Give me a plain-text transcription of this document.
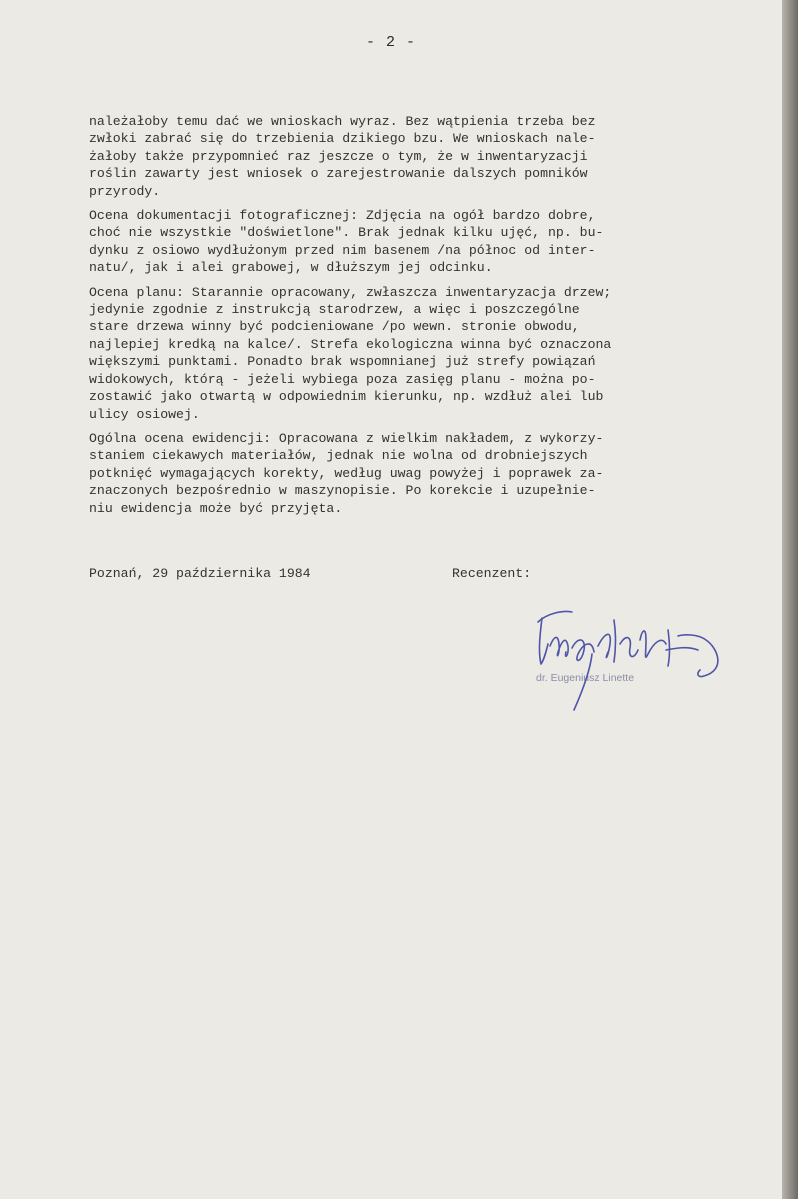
- 2 -

należałoby temu dać we wnioskach wyraz. Bez wątpienia trzeba bez
zwłoki zabrać się do trzebienia dzikiego bzu. We wnioskach nale-
żałoby także przypomnieć raz jeszcze o tym, że w inwentaryzacji
roślin zawarty jest wniosek o zarejestrowanie dalszych pomników
przyrody.

Ocena dokumentacji fotograficznej: Zdjęcia na ogół bardzo dobre,
choć nie wszystkie "doświetlone". Brak jednak kilku ujęć, np. bu-
dynku z osiowo wydłużonym przed nim basenem /na północ od inter-
natu/, jak i alei grabowej, w dłuższym jej odcinku.

Ocena planu: Starannie opracowany, zwłaszcza inwentaryzacja drzew;
jedynie zgodnie z instrukcją starodrzew, a więc i poszczególne
stare drzewa winny być podcieniowane /po wewn. stronie obwodu,
najlepiej kredką na kalce/. Strefa ekologiczna winna być oznaczona
większymi punktami. Ponadto brak wspomnianej już strefy powiązań
widokowych, którą - jeżeli wybiega poza zasięg planu - można po-
zostawić jako otwartą w odpowiednim kierunku, np. wzdłuż alei lub
ulicy osiowej.

Ogólna ocena ewidencji: Opracowana z wielkim nakładem, z wykorzy-
staniem ciekawych materiałów, jednak nie wolna od drobniejszych
potknięć wymagających korekty, według uwag powyżej i poprawek za-
znaczonych bezpośrednio w maszynopisie. Po korekcie i uzupełnie-
niu ewidencja może być przyjęta.

Poznań, 29 października 1984	Recenzent:
dr. Eugeniusz Linette
